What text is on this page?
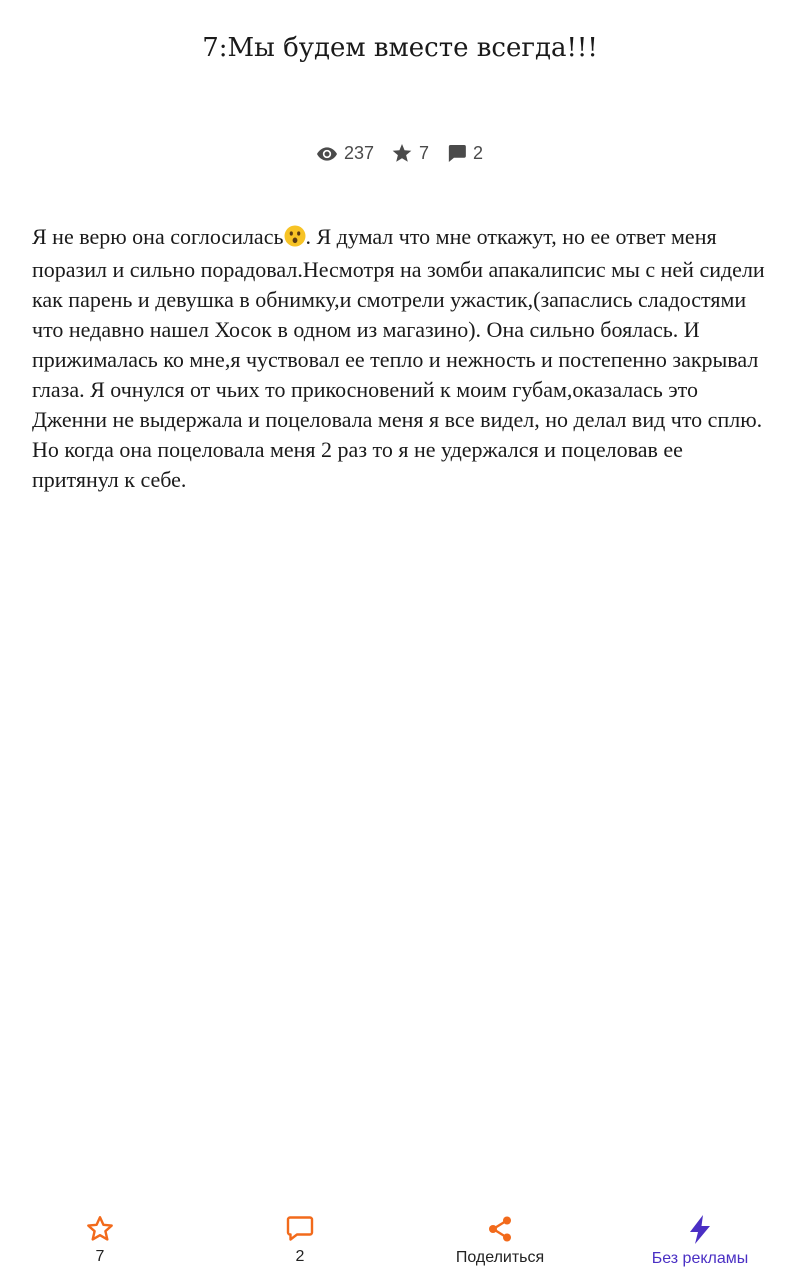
7:Мы будем вместе всегда!!!
237	7 2

Я не верю она соглосилась . Я думал что мне откажут, но ее ответ меня поразил и сильно порадовал.Несмотря на зомби апакалипсис мы с ней сидели как парень и девушка в обнимку,и смотрели ужастик,(запаслись сладостями что недавно нашел Хосок в одном из магазино). Она сильно боялась. И прижималась ко мне,я чуствовал ее тепло и нежность и постепенно закрывал глаза. Я очнулся от чьих то прикосновений к моим губам,оказалась это Дженни не выдержала и поцеловала меня я все видел, но делал вид что сплю. Но когда она поцеловала меня 2 раз то я не удержался и поцеловав ее притянул к себе.

7	2	Поделиться	Без рекламы
